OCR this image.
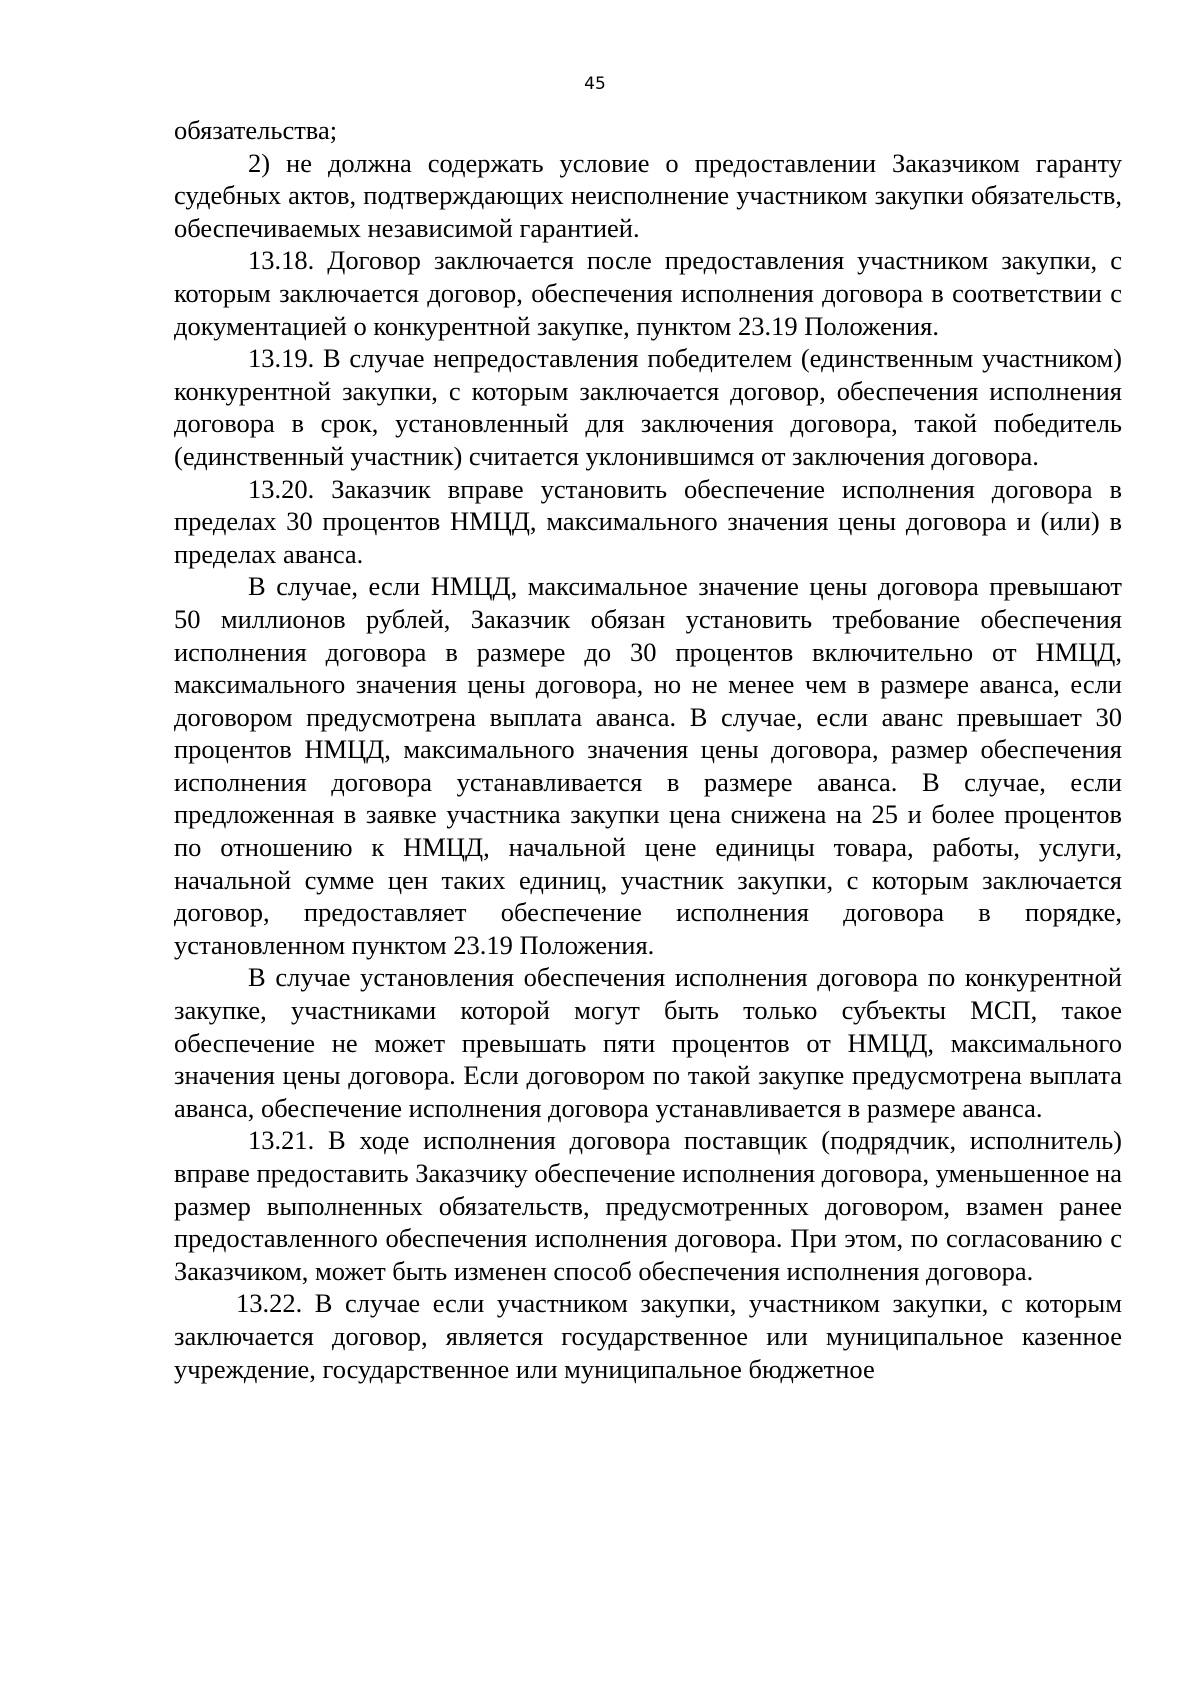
45

обязательства;

2) не должна содержать условие о предоставлении Заказчиком гаранту судебных актов, подтверждающих неисполнение участником закупки обязательств, обеспечиваемых независимой гарантией.

13.18. Договор заключается после предоставления участником закупки, с которым заключается договор, обеспечения исполнения договора в соответствии с документацией о конкурентной закупке, пунктом 23.19 Положения.

13.19. В случае непредоставления победителем (единственным участником) конкурентной закупки, с которым заключается договор, обеспечения исполнения договора в срок, установленный для заключения договора, такой победитель (единственный участник) считается уклонившимся от заключения договора.

13.20. Заказчик вправе установить обеспечение исполнения договора в пределах 30 процентов НМЦД, максимального значения цены договора и (или) в пределах аванса.

В случае, если НМЦД, максимальное значение цены договора превышают 50 миллионов рублей, Заказчик обязан установить требование обеспечения исполнения договора в размере до 30 процентов включительно от НМЦД, максимального значения цены договора, но не менее чем в размере аванса, если договором предусмотрена выплата аванса. В случае, если аванс превышает 30 процентов НМЦД, максимального значения цены договора, размер обеспечения исполнения договора устанавливается в размере аванса. В случае, если предложенная в заявке участника закупки цена снижена на 25 и более процентов по отношению к НМЦД, начальной цене единицы товара, работы, услуги, начальной сумме цен таких единиц, участник закупки, с которым заключается договор, предоставляет обеспечение исполнения договора в порядке, установленном пунктом 23.19 Положения.

В случае установления обеспечения исполнения договора по конкурентной закупке, участниками которой могут быть только субъекты МСП, такое обеспечение не может превышать пяти процентов от НМЦД, максимального значения цены договора. Если договором по такой закупке предусмотрена выплата аванса, обеспечение исполнения договора устанавливается в размере аванса.

13.21. В ходе исполнения договора поставщик (подрядчик, исполнитель) вправе предоставить Заказчику обеспечение исполнения договора, уменьшенное на размер выполненных обязательств, предусмотренных договором, взамен ранее предоставленного обеспечения исполнения договора. При этом, по согласованию с Заказчиком, может быть изменен способ обеспечения исполнения договора.

13.22. В случае если участником закупки, участником закупки, с которым заключается договор, является государственное или муниципальное казенное учреждение, государственное или муниципальное бюджетное
